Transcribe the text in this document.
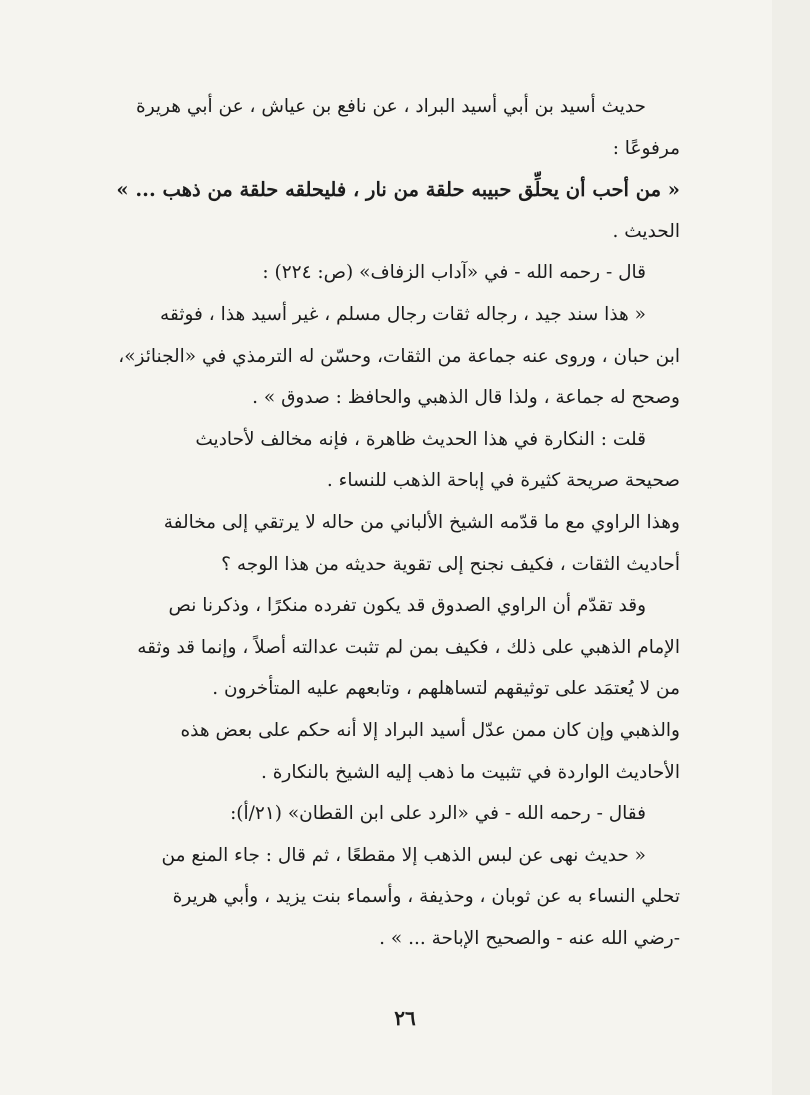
حديث أسيد بن أبي أسيد البراد ، عن نافع بن عياش ، عن أبي هريرة
مرفوعًا :
« من أحب أن يحلِّق حبيبه حلقة من نار ، فليحلقه حلقة من ذهب ... »
الحديث .
قال - رحمه الله - في «آداب الزفاف» (ص: ٢٢٤) :
« هذا سند جيد ، رجاله ثقات رجال مسلم ، غير أسيد هذا ، فوثقه
ابن حبان ، وروى عنه جماعة من الثقات، وحسّن له الترمذي في «الجنائز»،
وصحح له جماعة ، ولذا قال الذهبي والحافظ : صدوق » .
قلت : النكارة في هذا الحديث ظاهرة ، فإنه مخالف لأحاديث
صحيحة صريحة كثيرة في إباحة الذهب للنساء .
وهذا الراوي مع ما قدّمه الشيخ الألباني من حاله لا يرتقي إلى مخالفة
أحاديث الثقات ، فكيف نجنح إلى تقوية حديثه من هذا الوجه ؟
وقد تقدّم أن الراوي الصدوق قد يكون تفرده منكرًا ، وذكرنا نص
الإمام الذهبي على ذلك ، فكيف بمن لم تثبت عدالته أصلاً ، وإنما قد وثقه
من لا يُعتمَد على توثيقهم لتساهلهم ، وتابعهم عليه المتأخرون .
والذهبي وإن كان ممن عدّل أسيد البراد إلا أنه حكم على بعض هذه
الأحاديث الواردة في تثبيت ما ذهب إليه الشيخ بالنكارة .
فقال - رحمه الله - في «الرد على ابن القطان» (٢١/أ):
« حديث نهى عن لبس الذهب إلا مقطعًا ، ثم قال : جاء المنع من
تحلي النساء به عن ثوبان ، وحذيفة ، وأسماء بنت يزيد ، وأبي هريرة
-رضي الله عنه - والصحيح الإباحة ... » .
٢٦
